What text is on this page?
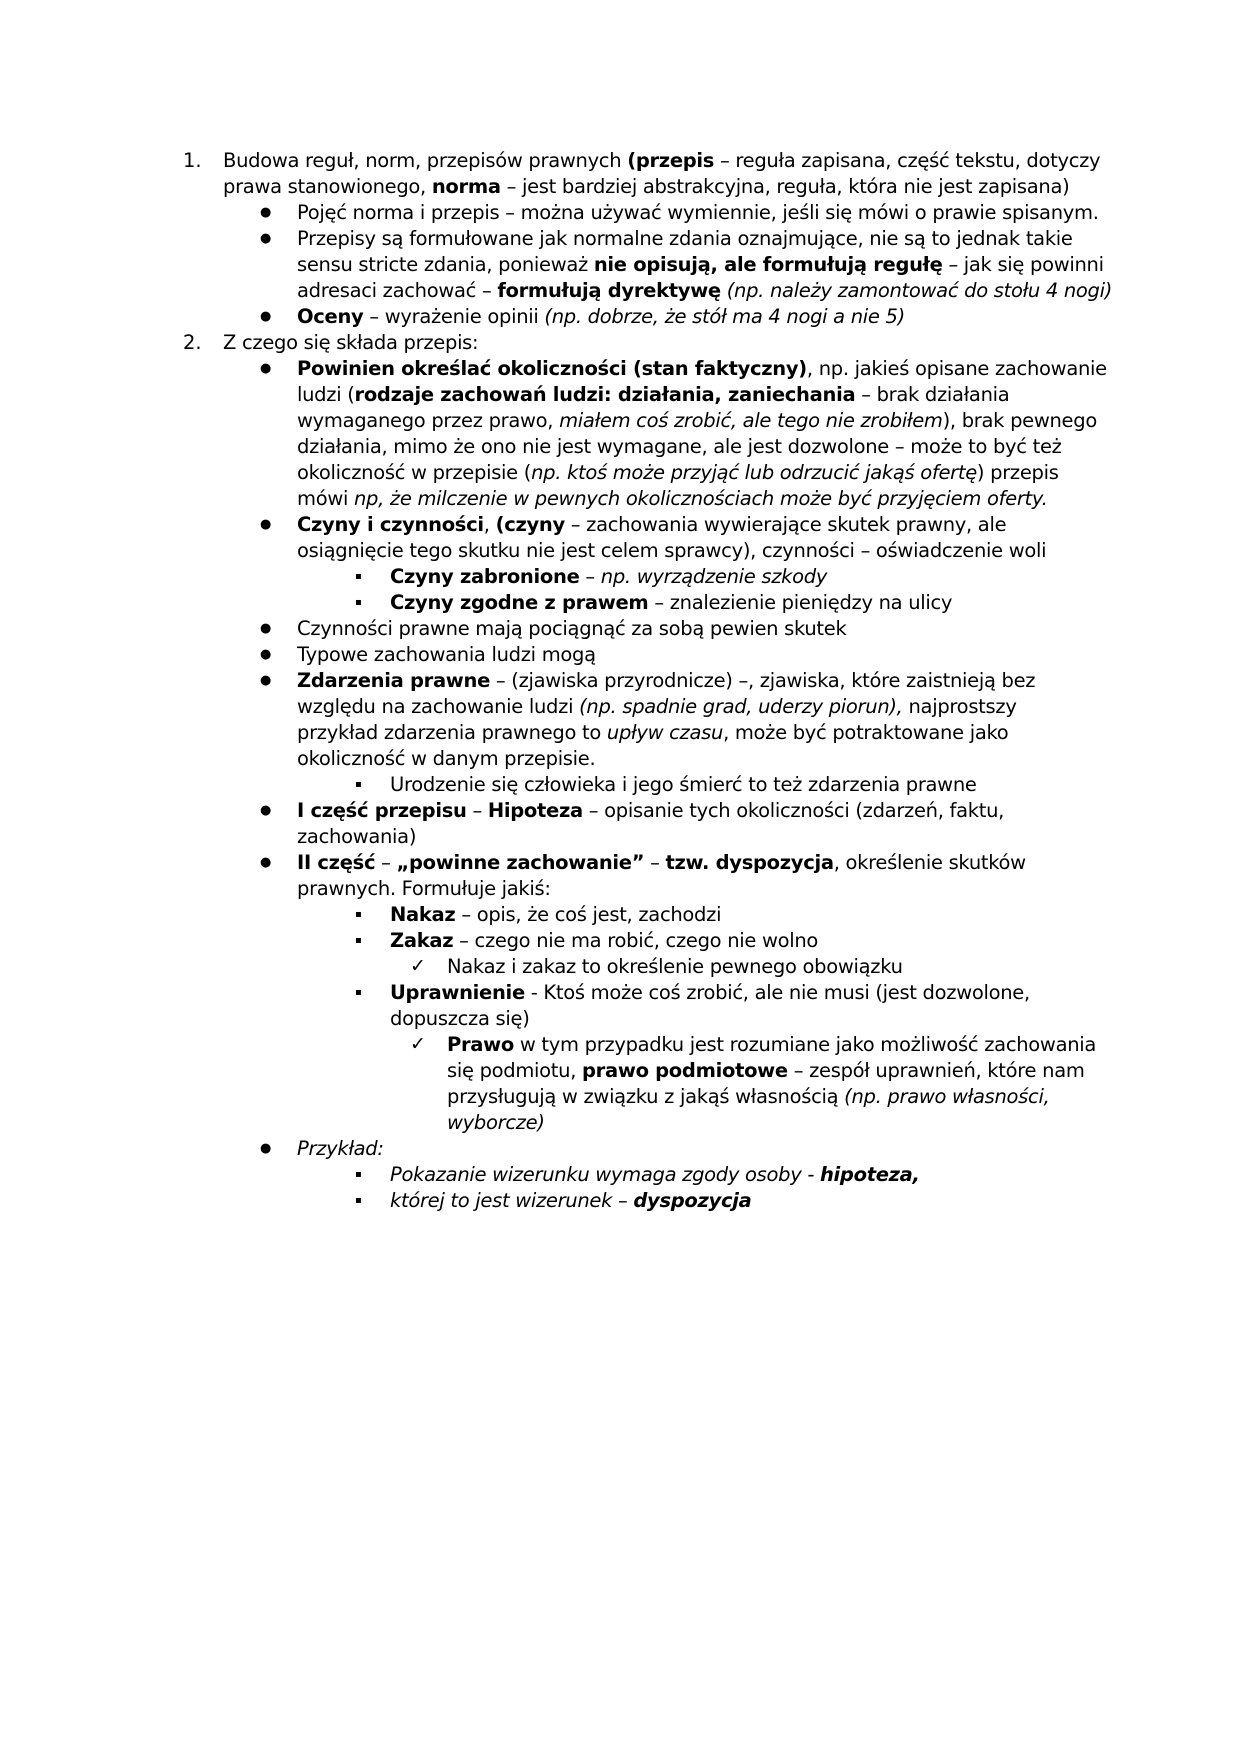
1. Budowa reguł, norm, przepisów prawnych (przepis – reguła zapisana, część tekstu, dotyczy
prawa stanowionego, norma – jest bardziej abstrakcyjna, reguła, która nie jest zapisana)
● Pojęć norma i przepis – można używać wymiennie, jeśli się mówi o prawie spisanym.
● Przepisy są formułowane jak normalne zdania oznajmujące, nie są to jednak takie
sensu stricte zdania, ponieważ nie opisują, ale formułują regułę – jak się powinni
adresaci zachować – formułują dyrektywę (np. należy zamontować do stołu 4 nogi)
● Oceny – wyrażenie opinii (np. dobrze, że stół ma 4 nogi a nie 5)
2. Z czego się składa przepis:
● Powinien określać okoliczności (stan faktyczny), np. jakieś opisane zachowanie
ludzi (rodzaje zachowań ludzi: działania, zaniechania – brak działania
wymaganego przez prawo, miałem coś zrobić, ale tego nie zrobiłem), brak pewnego
działania, mimo że ono nie jest wymagane, ale jest dozwolone – może to być też
okoliczność w przepisie (np. ktoś może przyjąć lub odrzucić jakąś ofertę) przepis
mówi np, że milczenie w pewnych okolicznościach może być przyjęciem oferty.
● Czyny i czynności, (czyny – zachowania wywierające skutek prawny, ale
osiągnięcie tego skutku nie jest celem sprawcy), czynności – oświadczenie woli
▪ Czyny zabronione – np. wyrządzenie szkody
▪ Czyny zgodne z prawem – znalezienie pieniędzy na ulicy
● Czynności prawne mają pociągnąć za sobą pewien skutek
● Typowe zachowania ludzi mogą
● Zdarzenia prawne – (zjawiska przyrodnicze) –, zjawiska, które zaistnieją bez
względu na zachowanie ludzi (np. spadnie grad, uderzy piorun), najprostszy
przykład zdarzenia prawnego to upływ czasu, może być potraktowane jako
okoliczność w danym przepisie.
▪ Urodzenie się człowieka i jego śmierć to też zdarzenia prawne
● I część przepisu – Hipoteza – opisanie tych okoliczności (zdarzeń, faktu,
zachowania)
● II część – „powinne zachowanie” – tzw. dyspozycja, określenie skutków
prawnych. Formułuje jakiś:
▪ Nakaz – opis, że coś jest, zachodzi
▪ Zakaz – czego nie ma robić, czego nie wolno
✓ Nakaz i zakaz to określenie pewnego obowiązku
▪ Uprawnienie - Ktoś może coś zrobić, ale nie musi (jest dozwolone,
dopuszcza się)
✓ Prawo w tym przypadku jest rozumiane jako możliwość zachowania
się podmiotu, prawo podmiotowe – zespół uprawnień, które nam
przysługują w związku z jakąś własnością (np. prawo własności,
wyborcze)
● Przykład:
▪ Pokazanie wizerunku wymaga zgody osoby - hipoteza,
▪ której to jest wizerunek – dyspozycja
